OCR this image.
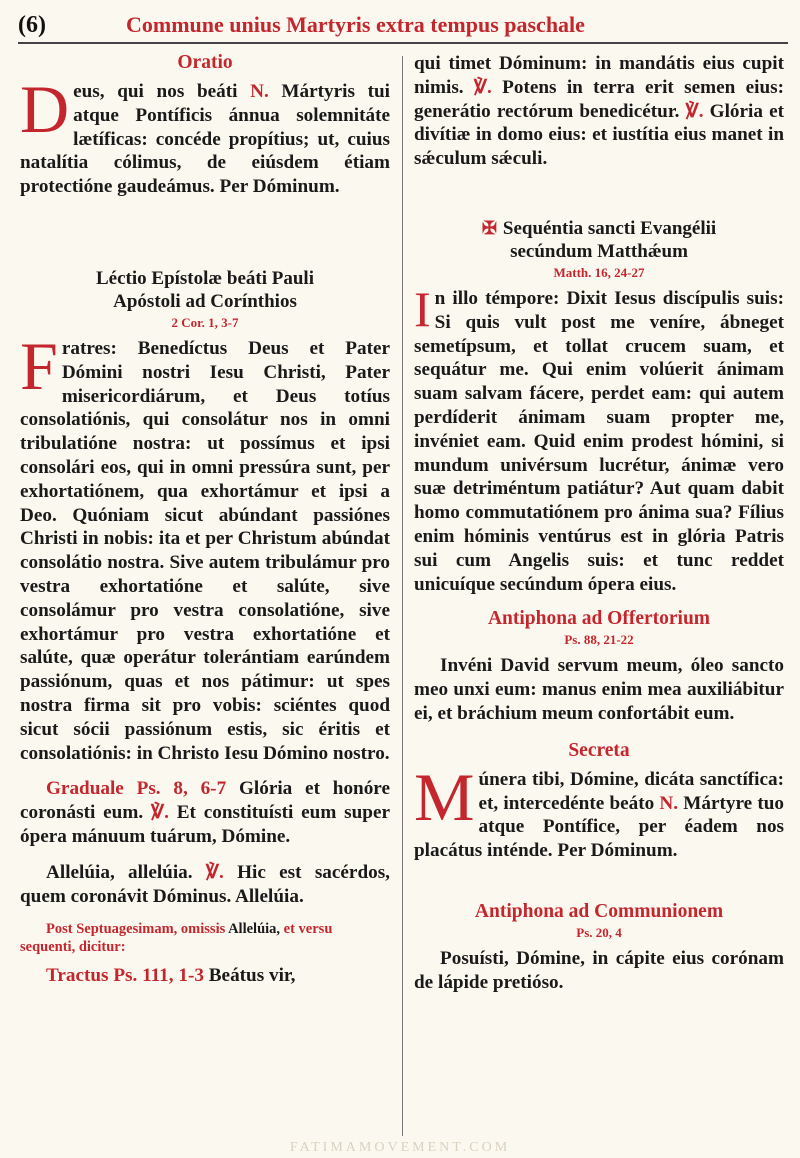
(6)	Commune unius Martyris extra tempus paschale

Oratio

Deus, qui nos beáti N. Mártyris tui atque Pontíficis ánnua solemnitáte lætíficas: concéde propítius; ut, cuius natalítia cólimus, de eiúsdem étiam protectióne gaudeámus. Per Dóminum.

Léctio Epístolæ beáti Pauli

Apóstoli ad Corínthios

2 Cor. 1, 3-7

Fratres: Benedíctus Deus et Pater Dómini nostri Iesu Christi, Pater misericordiárum, et Deus totíus consolatiónis, qui consolátur nos in omni tribulatióne nostra: ut possímus et ipsi consolári eos, qui in omni pressúra sunt, per exhortatiónem, qua exhortámur et ipsi a Deo. Quóniam sicut abúndant passiónes Christi in nobis: ita et per Christum abúndat consolátio nostra. Sive autem tribulámur pro vestra exhortatióne et salúte, sive consolámur pro vestra consolatióne, sive exhortámur pro vestra exhortatióne et salúte, quæ operátur tolerántiam earúndem passiónum, quas et nos pátimur: ut spes nostra firma sit pro vobis: sciéntes quod sicut sócii passiónum estis, sic éritis et consolatiónis: in Christo Iesu Dómino nostro.

Graduale Ps. 8, 6-7 Glória et honóre coronásti eum. ℣. Et constituísti eum super ópera mánuum tuárum, Dómine.

Allelúia, allelúia. ℣. Hic est sacérdos, quem coronávit Dóminus. Allelúia.

Post Septuagesimam, omissis Allelúia, et versu sequenti, dicitur:

Tractus Ps. 111, 1-3 Beátus vir,

qui timet Dóminum: in mandátis eius cupit nimis. ℣. Potens in terra erit semen eius: generátio rectórum benedicétur. ℣. Glória et divítiæ in domo eius: et iustítia eius manet in sǽculum sǽculi.

✠ Sequéntia sancti Evangélii

secúndum Matthǽum

Matth. 16, 24-27

In illo témpore: Dixit Iesus discípulis suis: Si quis vult post me veníre, ábneget semetípsum, et tollat crucem suam, et sequátur me. Qui enim volúerit ánimam suam salvam fácere, perdet eam: qui autem perdíderit ánimam suam propter me, invéniet eam. Quid enim prodest hómini, si mundum univérsum lucrétur, ánimæ vero suæ detriméntum patiátur? Aut quam dabit homo commutatiónem pro ánima sua? Fílius enim hóminis ventúrus est in glória Patris sui cum Angelis suis: et tunc reddet unicuíque secúndum ópera eius.

Antiphona ad Offertorium

Ps. 88, 21-22

Invéni David servum meum, óleo sancto meo unxi eum: manus enim mea auxiliábitur ei, et bráchium meum confortábit eum.

Secreta

Múnera tibi, Dómine, dicáta sanctífica: et, intercedénte beáto N. Mártyre tuo atque Pontífice, per éadem nos placátus inténde. Per Dóminum.

Antiphona ad Communionem

Ps. 20, 4

Posuísti, Dómine, in cápite eius corónam de lápide pretióso.

FATIMAMOVEMENT.COM
